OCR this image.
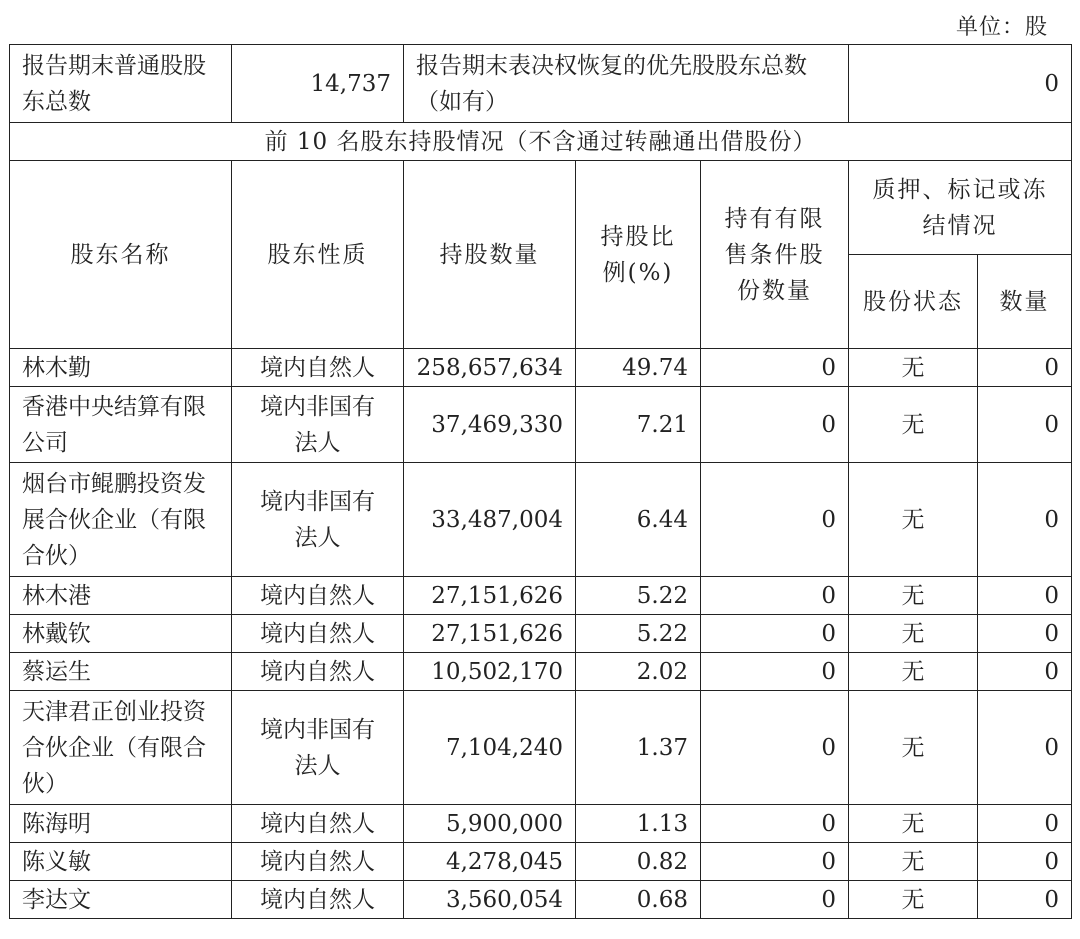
单位：股
报告期末普通股股东总数	14,737	报告期末表决权恢复的优先股股东总数（如有）			0	
前 10 名股东持股情况（不含通过转融通出借股份）						
股东名称	股东性质	持股数量	持股比例(%)	持有有限售条件股份数量	质押、标记或冻结情况	
					股份状态	数量
林木勤	境内自然人	258,657,634	49.74	0	无	0
香港中央结算有限公司	境内非国有法人	37,469,330	7.21	0	无	0
烟台市鲲鹏投资发展合伙企业（有限合伙）	境内非国有法人	33,487,004	6.44	0	无	0
林木港	境内自然人	27,151,626	5.22	0	无	0
林戴钦	境内自然人	27,151,626	5.22	0	无	0
蔡运生	境内自然人	10,502,170	2.02	0	无	0
天津君正创业投资合伙企业（有限合伙）	境内非国有法人	7,104,240	1.37	0	无	0
陈海明	境内自然人	5,900,000	1.13	0	无	0
陈义敏	境内自然人	4,278,045	0.82	0	无	0
李达文	境内自然人	3,560,054	0.68	0	无	0
